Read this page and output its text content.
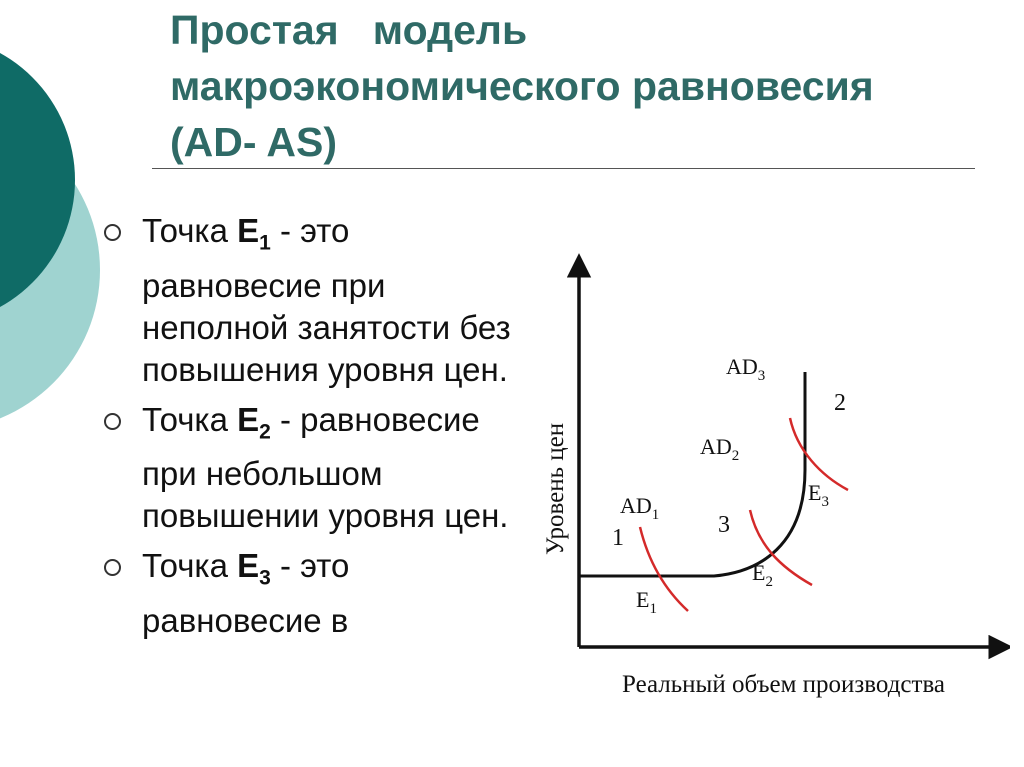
Простая   модель
макроэкономического равновесия
(AD- AS)
Точка $E_1$ - это равновесие при неполной занятости без повышения уровня цен.
Точка $E_2$ - равновесие при небольшом повышении уровня цен.
Точка $E_3$ - это равновесие в
$AD_1$
$AD_2$
$AD_3$
$E_1$
$E_2$
$E_3$
1
2
3
Уровень цен
Реальный объем производства
